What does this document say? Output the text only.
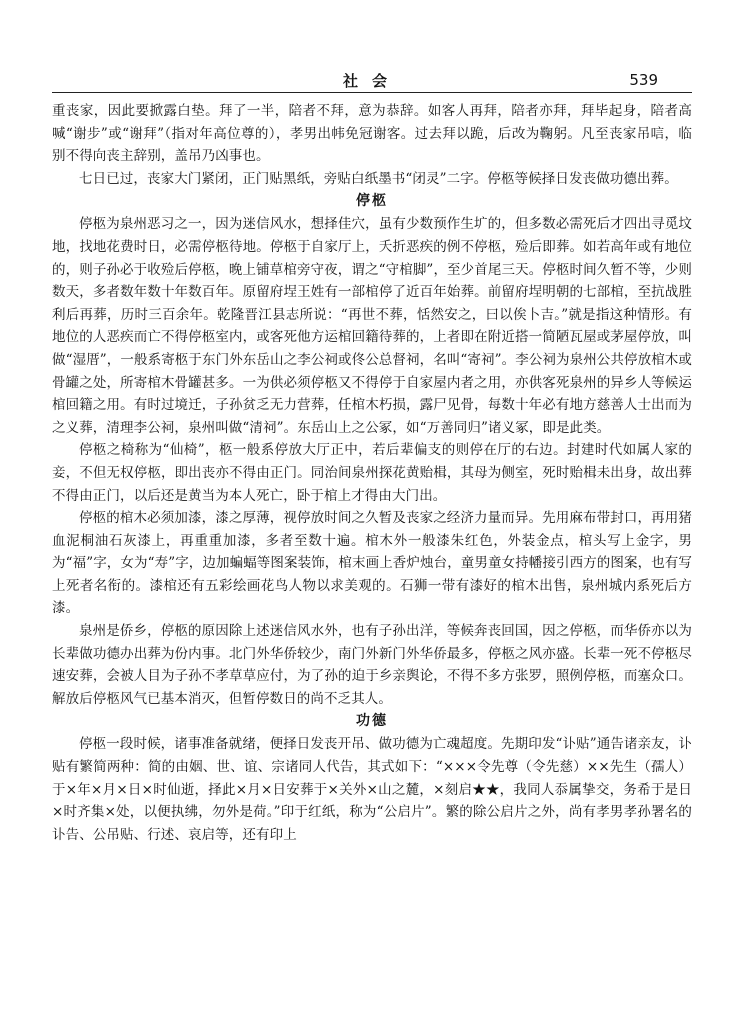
社会	539

重丧家，因此要掀露白垫。拜了一半，陪者不拜，意为恭辞。如客人再拜，陪者亦拜，拜毕起身，陪者高喊“谢步”或“谢拜”（指对年高位尊的），孝男出帏免冠谢客。过去拜以跪，后改为鞠躬。凡至丧家吊唁，临别不得向丧主辞别，盖吊乃凶事也。

七日已过，丧家大门紧闭，正门贴黑纸，旁贴白纸墨书“闭灵”二字。停柩等候择日发丧做功德出葬。

停柩

停柩为泉州恶习之一，因为迷信风水，想择佳穴，虽有少数预作生圹的，但多数必需死后才四出寻觅坟地，找地花费时日，必需停柩待地。停柩于自家厅上，夭折恶疾的例不停柩，殓后即葬。如若高年或有地位的，则子孙必于收殓后停柩，晚上铺草棺旁守夜，谓之“守棺脚”，至少首尾三天。停柩时间久暂不等，少则数天，多者数年数十年数百年。原留府埕王姓有一部棺停了近百年始葬。前留府埕明朝的七部棺，至抗战胜利后再葬，历时三百余年。乾隆晋江县志所说：“再世不葬，恬然安之，曰以俟卜吉。”就是指这种情形。有地位的人恶疾而亡不得停柩室内，或客死他方运棺回籍待葬的，上者即在附近搭一简陋瓦屋或茅屋停放，叫做“湿厝”，一般系寄柩于东门外东岳山之李公祠或佟公总督祠，名叫“寄祠”。李公祠为泉州公共停放棺木或骨罐之处，所寄棺木骨罐甚多。一为供必须停柩又不得停于自家屋内者之用，亦供客死泉州的异乡人等候运棺回籍之用。有时过境迁，子孙贫乏无力营葬，任棺木朽损，露尸见骨，每数十年必有地方慈善人士出而为之义葬，清理李公祠，泉州叫做“清祠”。东岳山上之公冢，如“万善同归”诸义冢，即是此类。

停柩之椅称为“仙椅”，柩一般系停放大厅正中，若后辈偏支的则停在厅的右边。封建时代如属人家的妾，不但无权停柩，即出丧亦不得由正门。同治间泉州探花黄贻楫，其母为侧室，死时贻楫未出身，故出葬不得由正门，以后还是黄当为本人死亡，卧于棺上才得由大门出。

停柩的棺木必须加漆，漆之厚薄，视停放时间之久暂及丧家之经济力量而异。先用麻布带封口，再用猪血泥桐油石灰漆上，再重重加漆，多者至数十遍。棺木外一般漆朱红色，外装金点，棺头写上金字，男为“福”字，女为“寿”字，边加蝙蝠等图案装饰，棺末画上香炉烛台，童男童女持幡接引西方的图案，也有写上死者名衔的。漆棺还有五彩绘画花鸟人物以求美观的。石狮一带有漆好的棺木出售，泉州城内系死后方漆。

泉州是侨乡，停柩的原因除上述迷信风水外，也有子孙出洋，等候奔丧回国，因之停柩，而华侨亦以为长辈做功德办出葬为份内事。北门外华侨较少，南门外新门外华侨最多，停柩之风亦盛。长辈一死不停柩尽速安葬，会被人目为子孙不孝草草应付，为了孙的迫于乡亲舆论，不得不多方张罗，照例停柩，而塞众口。解放后停柩风气已基本消灭，但暂停数日的尚不乏其人。

功德

停柩一段时候，诸事准备就绪，便择日发丧开吊、做功德为亡魂超度。先期印发“讣贴”通告诸亲友，讣贴有繁简两种：简的由姻、世、谊、宗诸同人代告，其式如下：“×××令先尊（令先慈）××先生（孺人）于×年×月×日×时仙逝，择此×月×日安葬于×关外×山之麓，×刻启★★，我同人忝属挚交，务希于是日×时齐集×处，以便执绋，勿外是荷。”印于红纸，称为“公启片”。繁的除公启片之外，尚有孝男孝孙署名的讣告、公吊贴、行述、哀启等，还有印上
